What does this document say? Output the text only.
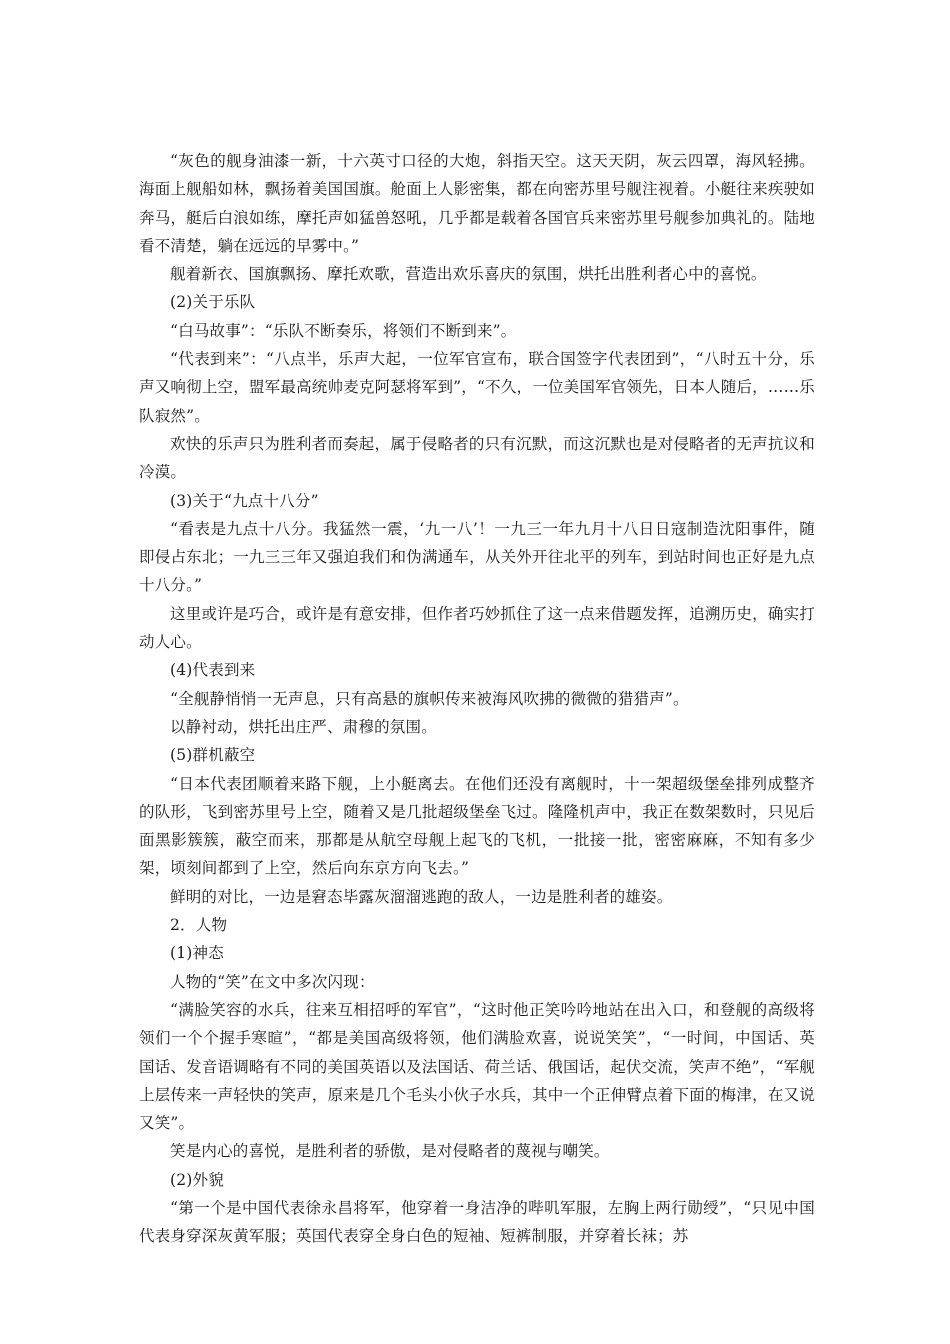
“灰色的舰身油漆一新，十六英寸口径的大炮，斜指天空。这天天阴，灰云四罩，海风轻拂。海面上舰船如林，飘扬着美国国旗。舱面上人影密集，都在向密苏里号舰注视着。小艇往来疾驶如奔马，艇后白浪如练，摩托声如猛兽怒吼，几乎都是载着各国官兵来密苏里号舰参加典礼的。陆地看不清楚，躺在远远的早雾中。”

舰着新衣、国旗飘扬、摩托欢歌，营造出欢乐喜庆的氛围，烘托出胜利者心中的喜悦。

(2)关于乐队

“白马故事”：“乐队不断奏乐，将领们不断到来”。

“代表到来”：“八点半，乐声大起，一位军官宣布，联合国签字代表团到”，“八时五十分，乐声又响彻上空，盟军最高统帅麦克阿瑟将军到”，“不久，一位美国军官领先，日本人随后，……乐队寂然”。

欢快的乐声只为胜利者而奏起，属于侵略者的只有沉默，而这沉默也是对侵略者的无声抗议和冷漠。

(3)关于“九点十八分”

“看表是九点十八分。我猛然一震，‘九一八’！一九三一年九月十八日日寇制造沈阳事件，随即侵占东北；一九三三年又强迫我们和伪满通车，从关外开往北平的列车，到站时间也正好是九点十八分。”

这里或许是巧合，或许是有意安排，但作者巧妙抓住了这一点来借题发挥，追溯历史，确实打动人心。

(4)代表到来

“全舰静悄悄一无声息，只有高悬的旗帜传来被海风吹拂的微微的猎猎声”。

以静衬动，烘托出庄严、肃穆的氛围。

(5)群机蔽空

“日本代表团顺着来路下舰，上小艇离去。在他们还没有离舰时，十一架超级堡垒排列成整齐的队形，飞到密苏里号上空，随着又是几批超级堡垒飞过。隆隆机声中，我正在数架数时，只见后面黑影簇簇，蔽空而来，那都是从航空母舰上起飞的飞机，一批接一批，密密麻麻，不知有多少架，顷刻间都到了上空，然后向东京方向飞去。”

鲜明的对比，一边是窘态毕露灰溜溜逃跑的敌人，一边是胜利者的雄姿。

2．人物

(1)神态

人物的“笑”在文中多次闪现：

“满脸笑容的水兵，往来互相招呼的军官”，“这时他正笑吟吟地站在出入口，和登舰的高级将领们一个个握手寒暄”，“都是美国高级将领，他们满脸欢喜，说说笑笑”，“一时间，中国话、英国话、发音语调略有不同的美国英语以及法国话、荷兰话、俄国话，起伏交流，笑声不绝”，“军舰上层传来一声轻快的笑声，原来是几个毛头小伙子水兵，其中一个正伸臂点着下面的梅津，在又说又笑”。

笑是内心的喜悦，是胜利者的骄傲，是对侵略者的蔑视与嘲笑。

(2)外貌

“第一个是中国代表徐永昌将军，他穿着一身洁净的哔叽军服，左胸上两行勋绶”，“只见中国代表身穿深灰黄军服；英国代表穿全身白色的短袖、短裤制服，并穿着长袜；苏
